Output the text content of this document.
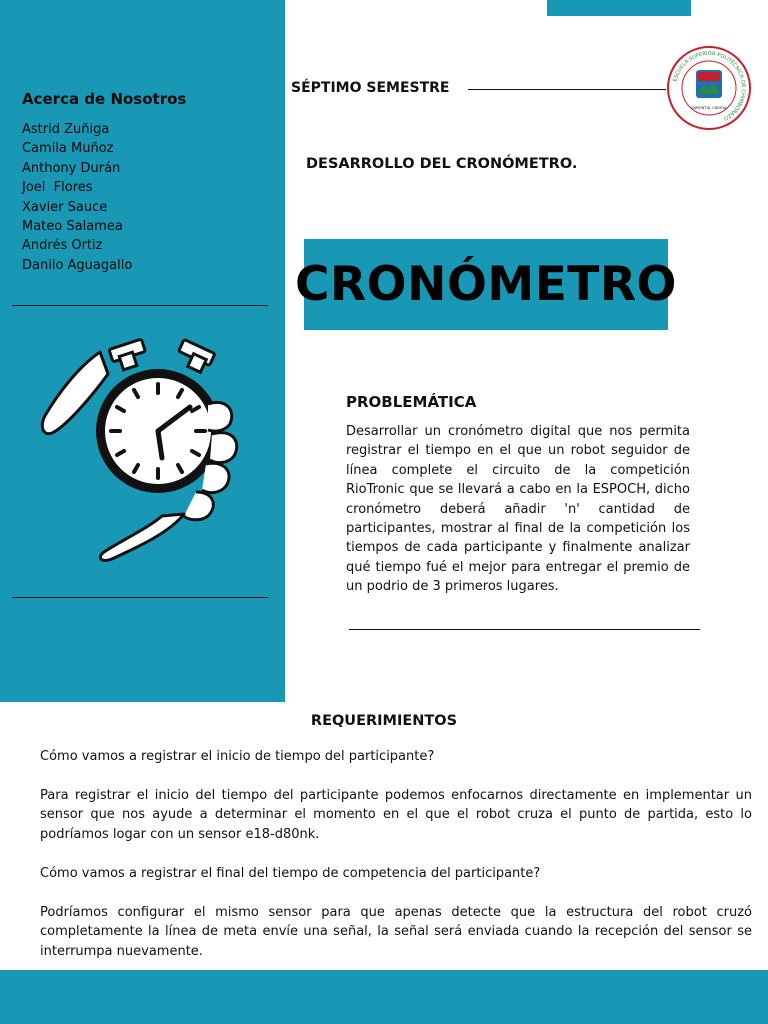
Acerca de Nosotros
Astrid Zuñiga
Camila Muñoz
Anthony Durán
Joel  Flores
Xavier Sauce
Mateo Salamea
Andrés Ortiz
Danilo Aguagallo
SÉPTIMO SEMESTRE	ESCUELA SUPERIOR POLITÉCNICA DE CHIMBORAZO
SAPIENTIA, CIENTIA
DESARROLLO DEL CRONÓMETRO.
CRONÓMETRO
PROBLEMÁTICA

Desarrollar un cronómetro digital que nos permita registrar el tiempo en el que un robot seguidor de línea complete el circuito de la competición RioTronic que se llevará a cabo en la ESPOCH, dicho cronómetro deberá añadir 'n' cantidad de participantes, mostrar al final de la competición los tiempos de cada participante y finalmente analizar qué tiempo fué el mejor para entregar el premio de un podrio de 3 primeros lugares.

REQUERIMIENTOS

Cómo vamos a registrar el inicio de tiempo del participante?

Para registrar el inicio del tiempo del participante podemos enfocarnos directamente en implementar un sensor que nos ayude a determinar el momento en el que el robot cruza el punto de partida, esto lo podríamos logar con un sensor e18-d80nk.

Cómo vamos a registrar el final del tiempo de competencia del participante?

Podríamos configurar el mismo sensor para que apenas detecte que la estructura del robot cruzó completamente la línea de meta envíe una señal, la señal será enviada cuando la recepción del sensor se interrumpa nuevamente.
